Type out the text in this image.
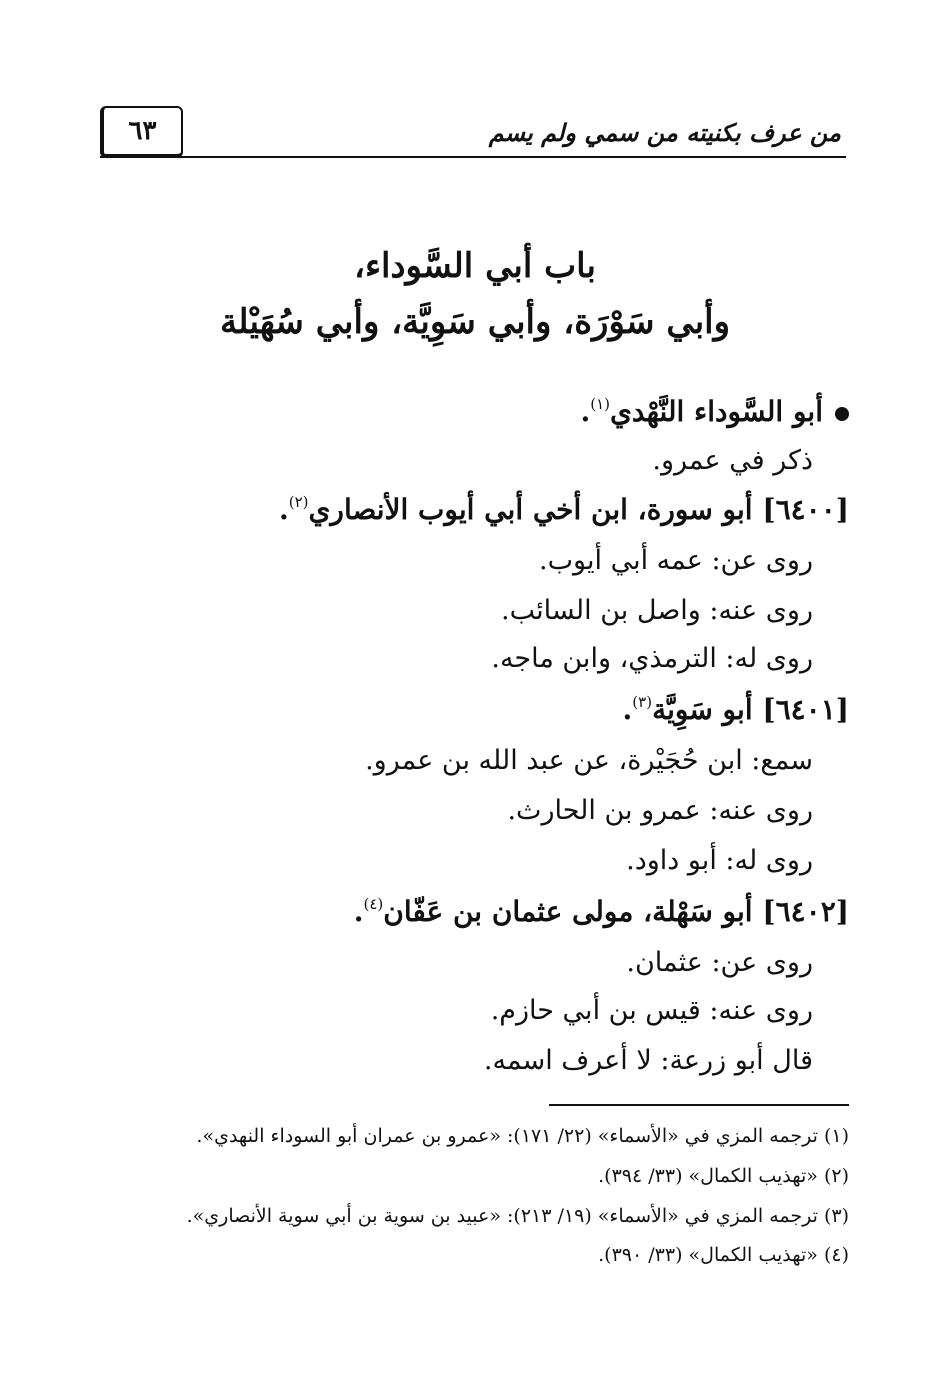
من عرف بكنيته من سمي ولم يسم
٦٣
باب أبي السَّوداء،
وأبي سَوْرَة، وأبي سَوِيَّة، وأبي سُهَيْلة
أبو السَّوداء النَّهْدي$^{(١)}$.
ذكر في عمرو.
[٦٤٠٠] أبو سورة، ابن أخي أبي أيوب الأنصاري$^{(٢)}$.
روى عن: عمه أبي أيوب.
روى عنه: واصل بن السائب.
روى له: الترمذي، وابن ماجه.
[٦٤٠١] أبو سَوِيَّة$^{(٣)}$.
سمع: ابن حُجَيْرة، عن عبد الله بن عمرو.
روى عنه: عمرو بن الحارث.
روى له: أبو داود.
[٦٤٠٢] أبو سَهْلة، مولى عثمان بن عَفّان$^{(٤)}$.
روى عن: عثمان.
روى عنه: قيس بن أبي حازم.
قال أبو زرعة: لا أعرف اسمه.
(١) ترجمه المزي في «الأسماء» (٢٢/ ١٧١): «عمرو بن عمران أبو السوداء النهدي».
(٢) «تهذيب الكمال» (٣٣/ ٣٩٤).
(٣) ترجمه المزي في «الأسماء» (١٩/ ٢١٣): «عبيد بن سوية بن أبي سوية الأنصاري».
(٤) «تهذيب الكمال» (٣٣/ ٣٩٠).
